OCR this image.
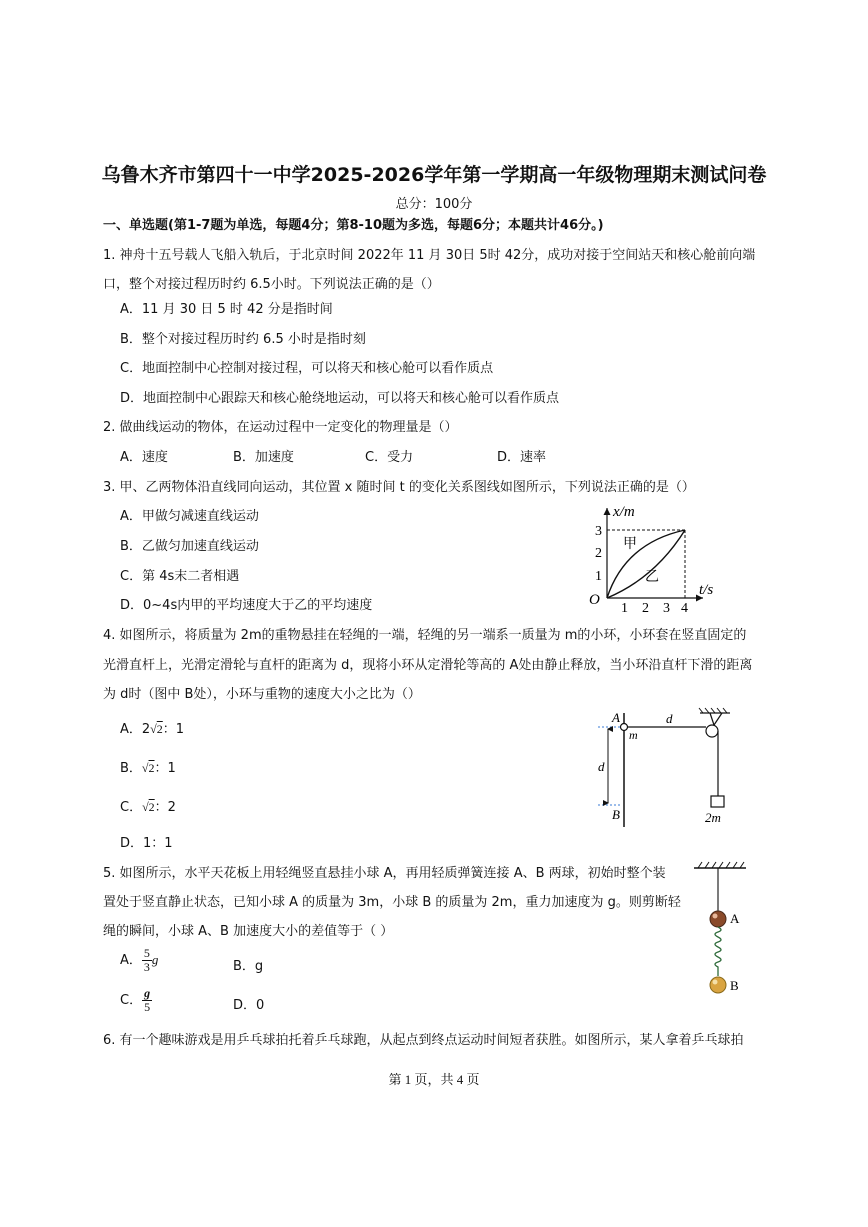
乌鲁木齐市第四十一中学2025-2026学年第一学期高一年级物理期末测试问卷
总分：100分
一、单选题(第1-7题为单选，每题4分；第8-10题为多选，每题6分；本题共计46分。)
1. 神舟十五号载人飞船入轨后，于北京时间 2022年 11 月 30日 5时 42分，成功对接于空间站天和核心舱前向端
口，整个对接过程历时约 6.5小时。下列说法正确的是（）
A．11 月 30 日 5 时 42 分是指时间
B．整个对接过程历时约 6.5 小时是指时刻
C．地面控制中心控制对接过程，可以将天和核心舱可以看作质点
D．地面控制中心跟踪天和核心舱绕地运动，可以将天和核心舱可以看作质点
2. 做曲线运动的物体，在运动过程中一定变化的物理量是（）
A．速度	B．加速度	C．受力	D．速率
3. 甲、乙两物体沿直线同向运动，其位置 x 随时间 t 的变化关系图线如图所示，下列说法正确的是（）
A．甲做匀减速直线运动
B．乙做匀加速直线运动
C．第 4s末二者相遇
D．0~4s内甲的平均速度大于乙的平均速度
x/m
t/s
O
1 2 3 4
1
2
3
甲
乙
4. 如图所示，将质量为 2m的重物悬挂在轻绳的一端，轻绳的另一端系一质量为 m的小环，小环套在竖直固定的
光滑直杆上，光滑定滑轮与直杆的距离为 d，现将小环从定滑轮等高的 A处由静止释放，当小环沿直杆下滑的距离
为 d时（图中 B处），小环与重物的速度大小之比为（）
A．2√2：1
B．√2：1
C．√2：2
D．1：1
A
B
m
d
d
2m
5. 如图所示，水平天花板上用轻绳竖直悬挂小球 A，再用轻质弹簧连接 A、B 两球，初始时整个装
置处于竖直静止状态，已知小球 A 的质量为 3m，小球 B 的质量为 2m，重力加速度为 g。则剪断轻
绳的瞬间，小球 A、B 加速度大小的差值等于（ ）
A． $\frac{5}{3}$ g	B．g
C． $\frac{g}{5}$	D．0
A
B
6. 有一个趣味游戏是用乒乓球拍托着乒乓球跑，从起点到终点运动时间短者获胜。如图所示，某人拿着乒乓球拍
第 1 页，共 4 页
